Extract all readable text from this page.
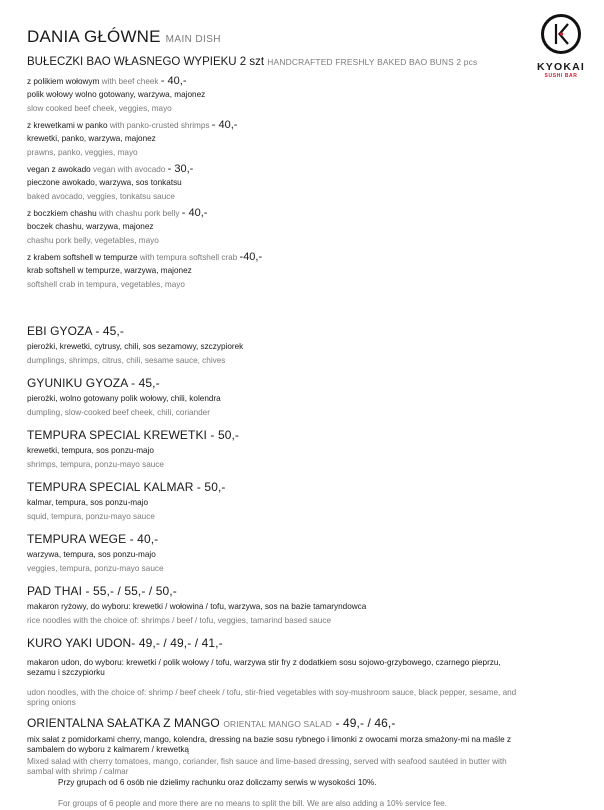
DANIA GŁÓWNE MAIN DISH
BUŁECZKI BAO WŁASNEGO WYPIEKU 2 szt HANDCRAFTED FRESHLY BAKED BAO BUNS 2 pcs
z polikiem wołowym with beef cheek - 40,-
polik wołowy wolno gotowany, warzywa, majonez
slow cooked beef cheek, veggies, mayo
z krewetkami w panko with panko-crusted shrimps - 40,-
krewetki, panko, warzywa, majonez
prawns, panko, veggies, mayo
vegan z awokado vegan with avocado - 30,-
pieczone awokado, warzywa, sos tonkatsu
baked avocado, veggies, tonkatsu sauce
z boczkiem chashu with chashu pork belly - 40,-
boczek chashu, warzywa, majonez
chashu pork belly, vegetables, mayo
z krabem softshell w tempurze with tempura softshell crab -40,-
krab softshell w tempurze, warzywa, majonez
softshell crab in tempura, vegetables, mayo
EBI GYOZA - 45,-
pierożki, krewetki, cytrusy, chili, sos sezamowy, szczypiorek
dumplings, shrimps, citrus, chili, sesame sauce, chives
GYUNIKU GYOZA - 45,-
pierożki, wolno gotowany polik wołowy, chili, kolendra
dumpling, slow-cooked beef cheek, chili, coriander
TEMPURA SPECIAL KREWETKI - 50,-
krewetki, tempura, sos ponzu-majo
shrimps, tempura, ponzu-mayo sauce
TEMPURA SPECIAL KALMAR - 50,-
kalmar, tempura, sos ponzu-majo
squid, tempura, ponzu-mayo sauce
TEMPURA WEGE - 40,-
warzywa, tempura, sos ponzu-majo
veggies, tempura, ponzu-mayo sauce
PAD THAI - 55,- / 55,- / 50,-
makaron ryżowy, do wyboru: krewetki / wołowina / tofu, warzywa, sos na bazie tamaryndowca
rice noodles with the choice of: shrimps / beef / tofu, veggies, tamarind based sauce
KURO YAKI UDON- 49,- / 49,- / 41,-
makaron udon, do wyboru: krewetki / polik wołowy / tofu, warzywa stir fry z dodatkiem sosu sojowo-grzybowego, czarnego pieprzu, sezamu i szczypiorku
udon noodles, with the choice of: shrimp / beef cheek / tofu, stir-fried vegetables with soy-mushroom sauce, black pepper, sesame, and spring onions
ORIENTALNA SAŁATKA Z MANGO ORIENTAL MANGO SALAD - 49,- / 46,-
mix sałat z pomidorkami cherry, mango, kolendra, dressing na bazie sosu rybnego i limonki z owocami morza smażony-mi na maśle z sambalem do wyboru z kalmarem / krewetką
Mixed salad with cherry tomatoes, mango, coriander, fish sauce and lime-based dressing, served with seafood sautéed in butter with sambal with shrimp / calmar
Przy grupach od 6 osób nie dzielimy rachunku oraz doliczamy serwis w wysokości 10%.
For groups of 6 people and more there are no means to split the bill. We are also adding a 10% service fee.
KYOKAI
SUSHI BAR
